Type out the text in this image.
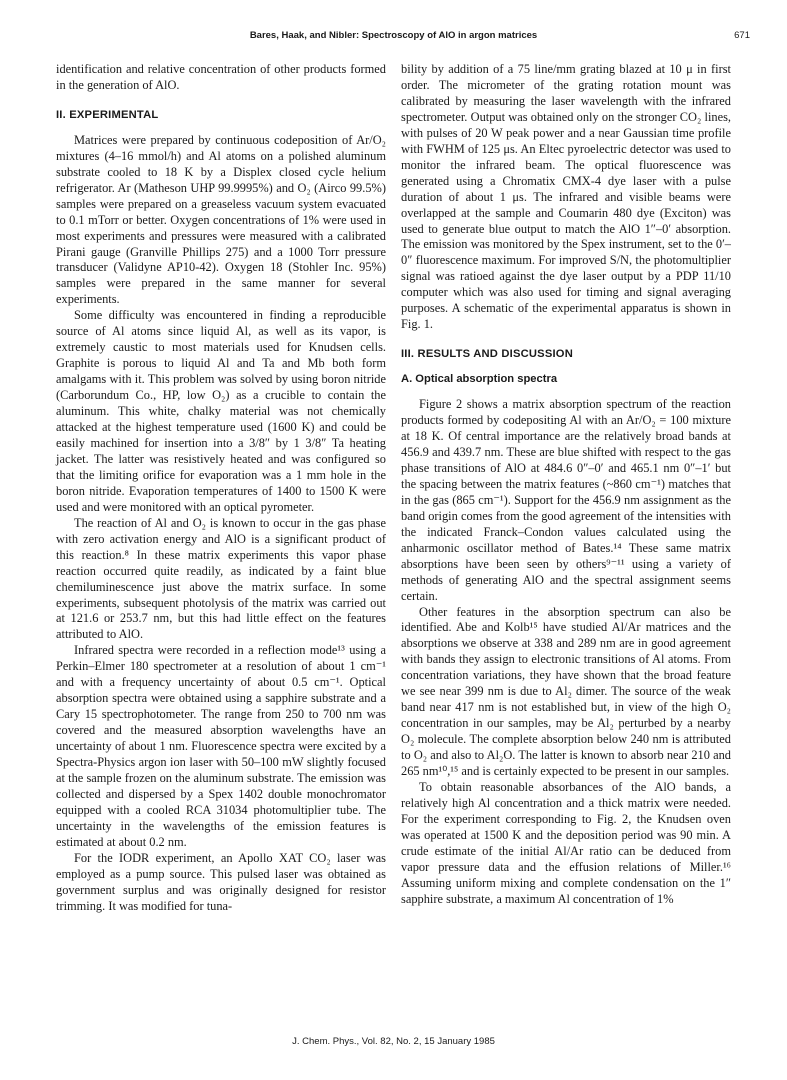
Bares, Haak, and Nibler: Spectroscopy of AlO in argon matrices	671

identification and relative concentration of other products formed in the generation of AlO.

II. EXPERIMENTAL

Matrices were prepared by continuous codeposition of Ar/O₂ mixtures (4–16 mmol/h) and Al atoms on a polished aluminum substrate cooled to 18 K by a Displex closed cycle helium refrigerator. Ar (Matheson UHP 99.9995%) and O₂ (Airco 99.5%) samples were prepared on a greaseless vacuum system evacuated to 0.1 mTorr or better. Oxygen concentrations of 1% were used in most experiments and pressures were measured with a calibrated Pirani gauge (Granville Phillips 275) and a 1000 Torr pressure transducer (Validyne AP10-42). Oxygen 18 (Stohler Inc. 95%) samples were prepared in the same manner for several experiments.

Some difficulty was encountered in finding a reproducible source of Al atoms since liquid Al, as well as its vapor, is extremely caustic to most materials used for Knudsen cells. Graphite is porous to liquid Al and Ta and Mb both form amalgams with it. This problem was solved by using boron nitride (Carborundum Co., HP, low O₂) as a crucible to contain the aluminum. This white, chalky material was not chemically attacked at the highest temperature used (1600 K) and could be easily machined for insertion into a 3/8″ by 1 3/8″ Ta heating jacket. The latter was resistively heated and was configured so that the limiting orifice for evaporation was a 1 mm hole in the boron nitride. Evaporation temperatures of 1400 to 1500 K were used and were monitored with an optical pyrometer.

The reaction of Al and O₂ is known to occur in the gas phase with zero activation energy and AlO is a significant product of this reaction.⁸ In these matrix experiments this vapor phase reaction occurred quite readily, as indicated by a faint blue chemiluminescence just above the matrix surface. In some experiments, subsequent photolysis of the matrix was carried out at 121.6 or 253.7 nm, but this had little effect on the features attributed to AlO.

Infrared spectra were recorded in a reflection mode¹³ using a Perkin–Elmer 180 spectrometer at a resolution of about 1 cm⁻¹ and with a frequency uncertainty of about 0.5 cm⁻¹. Optical absorption spectra were obtained using a sapphire substrate and a Cary 15 spectrophotometer. The range from 250 to 700 nm was covered and the measured absorption wavelengths have an uncertainty of about 1 nm. Fluorescence spectra were excited by a Spectra-Physics argon ion laser with 50–100 mW slightly focused at the sample frozen on the aluminum substrate. The emission was collected and dispersed by a Spex 1402 double monochromator equipped with a cooled RCA 31034 photomultiplier tube. The uncertainty in the wavelengths of the emission features is estimated at about 0.2 nm.

For the IODR experiment, an Apollo XAT CO₂ laser was employed as a pump source. This pulsed laser was obtained as government surplus and was originally designed for resistor trimming. It was modified for tuna-

bility by addition of a 75 line/mm grating blazed at 10 μ in first order. The micrometer of the grating rotation mount was calibrated by measuring the laser wavelength with the infrared spectrometer. Output was obtained only on the stronger CO₂ lines, with pulses of 20 W peak power and a near Gaussian time profile with FWHM of 125 μs. An Eltec pyroelectric detector was used to monitor the infrared beam. The optical fluorescence was generated using a Chromatix CMX-4 dye laser with a pulse duration of about 1 μs. The infrared and visible beams were overlapped at the sample and Coumarin 480 dye (Exciton) was used to generate blue output to match the AlO 1″–0′ absorption. The emission was monitored by the Spex instrument, set to the 0′–0″ fluorescence maximum. For improved S/N, the photomultiplier signal was ratioed against the dye laser output by a PDP 11/10 computer which was also used for timing and signal averaging purposes. A schematic of the experimental apparatus is shown in Fig. 1.

III. RESULTS AND DISCUSSION
A. Optical absorption spectra

Figure 2 shows a matrix absorption spectrum of the reaction products formed by codepositing Al with an Ar/O₂ = 100 mixture at 18 K. Of central importance are the relatively broad bands at 456.9 and 439.7 nm. These are blue shifted with respect to the gas phase transitions of AlO at 484.6 0″–0′ and 465.1 nm 0″–1′ but the spacing between the matrix features (~860 cm⁻¹) matches that in the gas (865 cm⁻¹). Support for the 456.9 nm assignment as the band origin comes from the good agreement of the intensities with the indicated Franck–Condon values calculated using the anharmonic oscillator method of Bates.¹⁴ These same matrix absorptions have been seen by others⁹⁻¹¹ using a variety of methods of generating AlO and the spectral assignment seems certain.

Other features in the absorption spectrum can also be identified. Abe and Kolb¹⁵ have studied Al/Ar matrices and the absorptions we observe at 338 and 289 nm are in good agreement with bands they assign to electronic transitions of Al atoms. From concentration variations, they have shown that the broad feature we see near 399 nm is due to Al₂ dimer. The source of the weak band near 417 nm is not established but, in view of the high O₂ concentration in our samples, may be Al₂ perturbed by a nearby O₂ molecule. The complete absorption below 240 nm is attributed to O₂ and also to Al₂O. The latter is known to absorb near 210 and 265 nm¹⁰,¹⁵ and is certainly expected to be present in our samples.

To obtain reasonable absorbances of the AlO bands, a relatively high Al concentration and a thick matrix were needed. For the experiment corresponding to Fig. 2, the Knudsen oven was operated at 1500 K and the deposition period was 90 min. A crude estimate of the initial Al/Ar ratio can be deduced from vapor pressure data and the effusion relations of Miller.¹⁶ Assuming uniform mixing and complete condensation on the 1″ sapphire substrate, a maximum Al concentration of 1%

J. Chem. Phys., Vol. 82, No. 2, 15 January 1985
